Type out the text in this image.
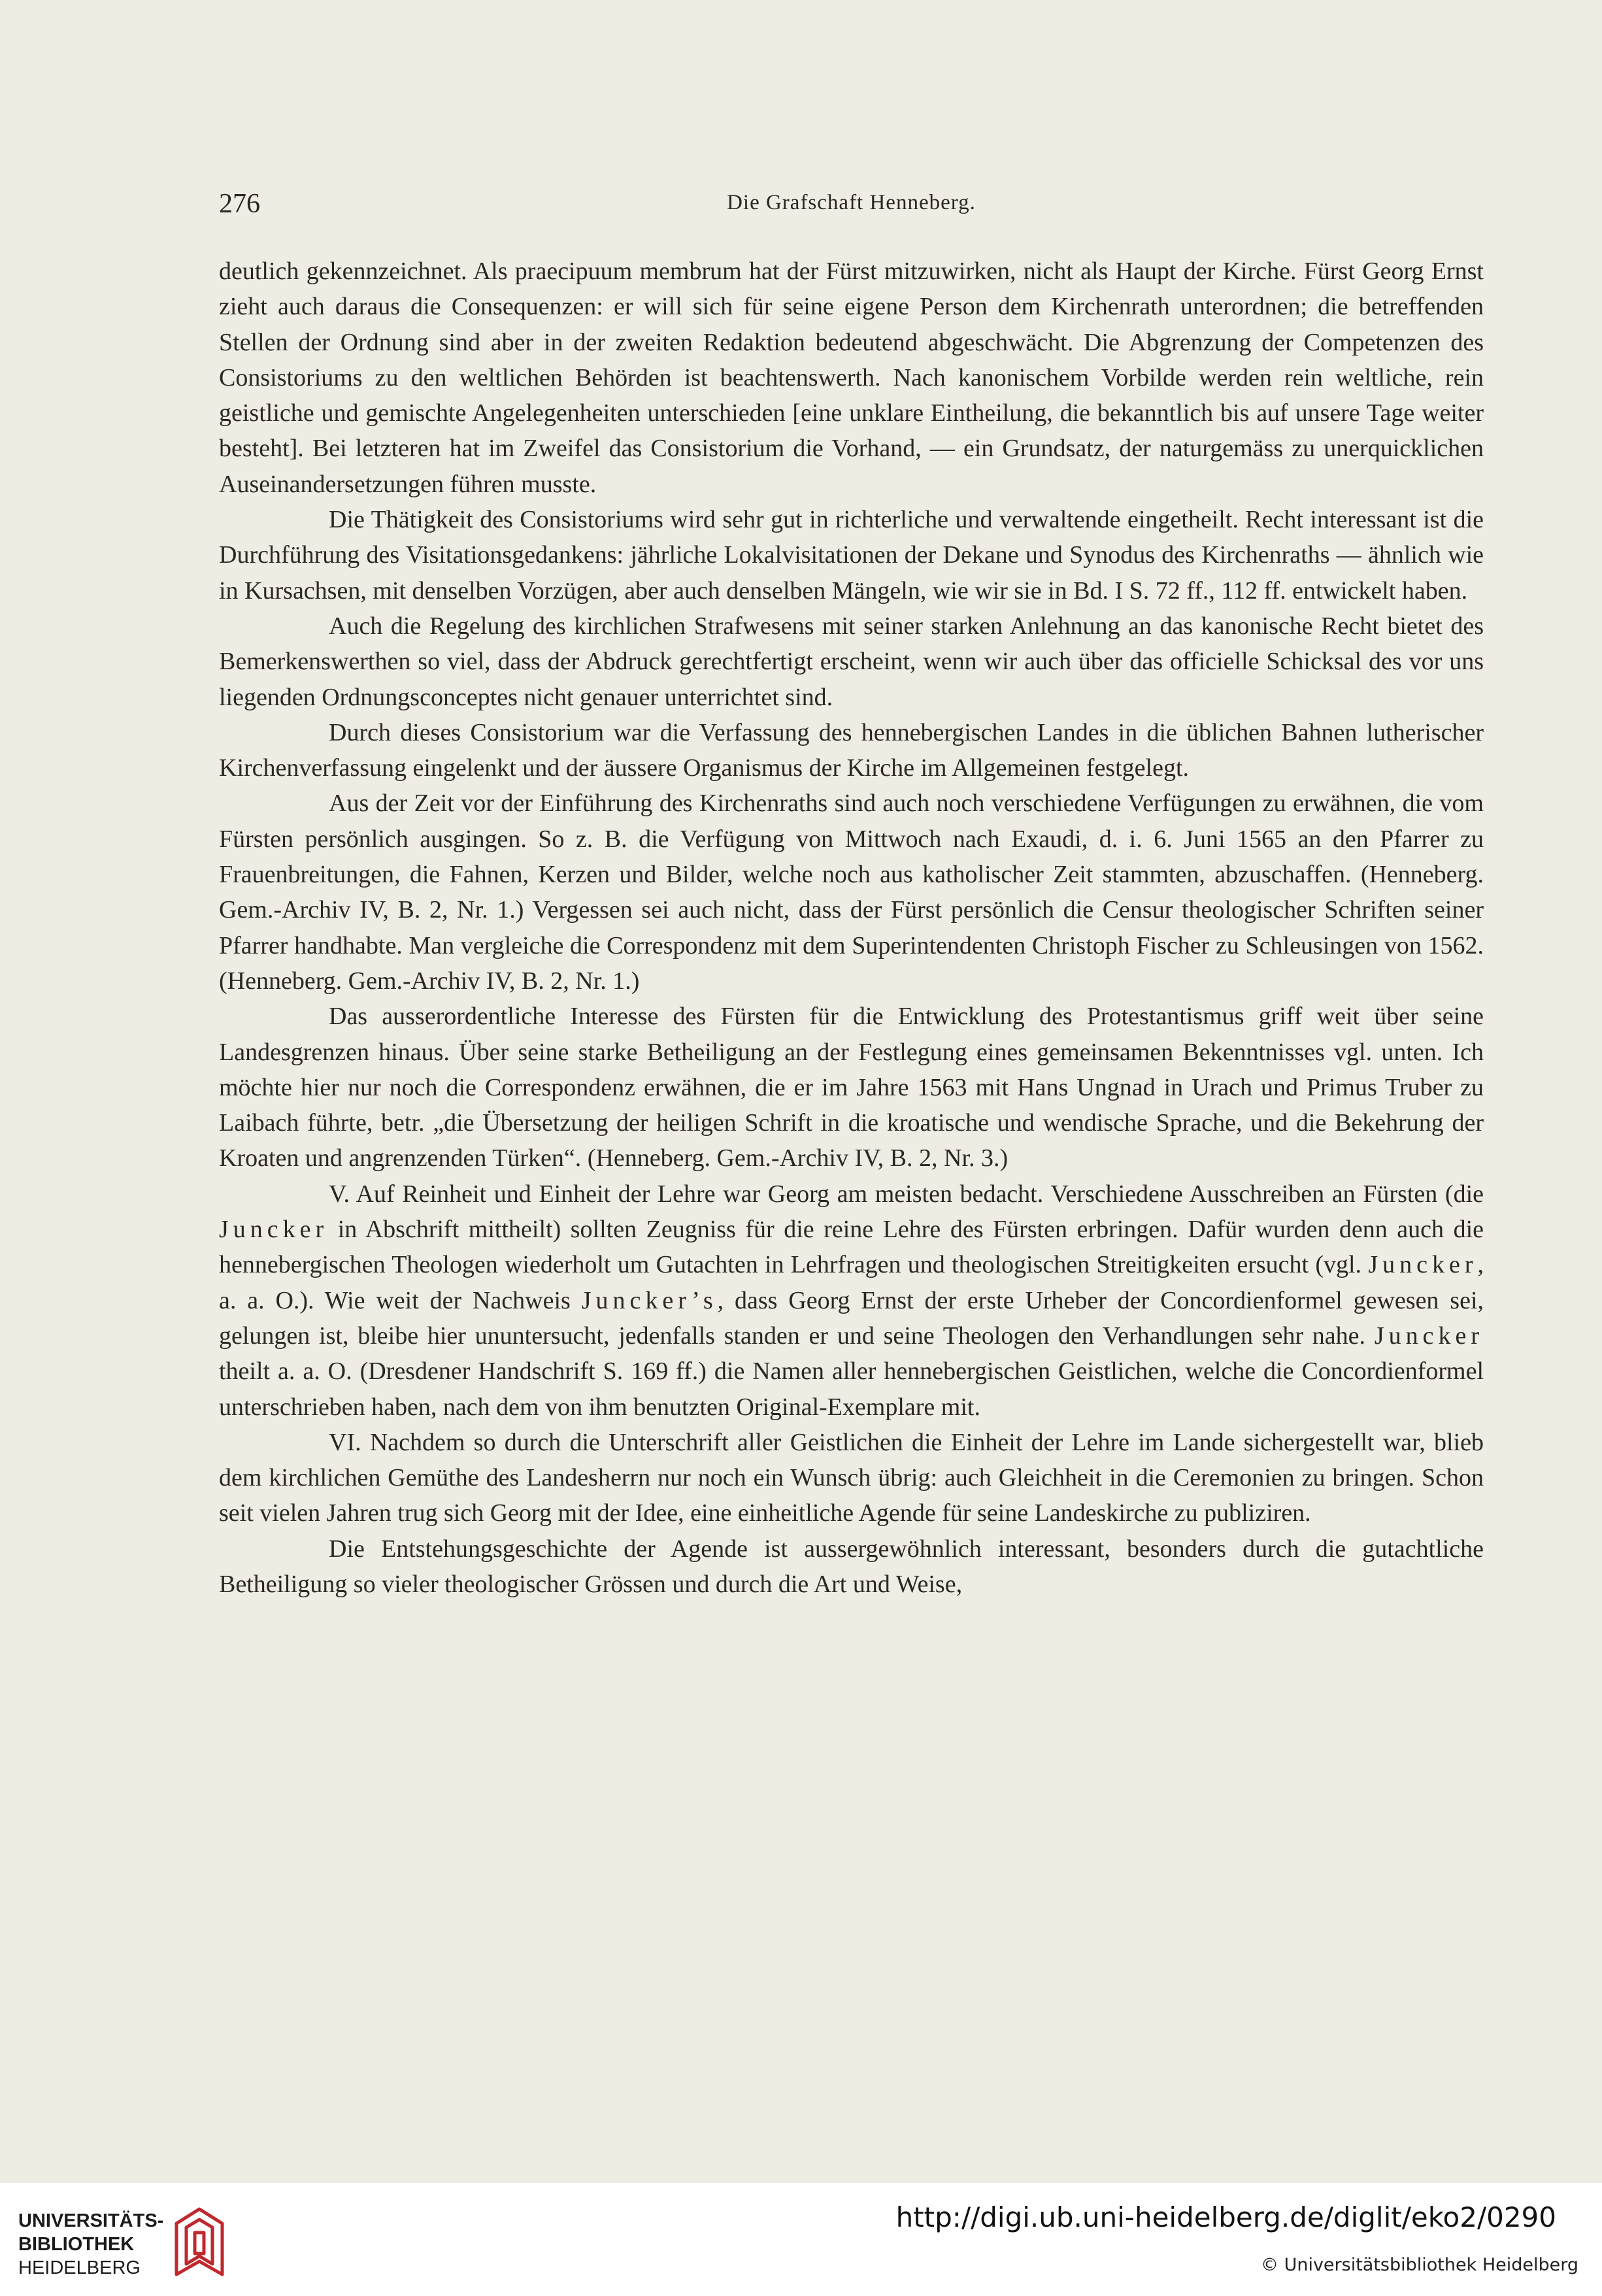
276	Die Grafschaft Henneberg.

deutlich gekennzeichnet. Als praecipuum membrum hat der Fürst mitzuwirken, nicht als Haupt der Kirche. Fürst Georg Ernst zieht auch daraus die Consequenzen: er will sich für seine eigene Person dem Kirchenrath unterordnen; die betreffenden Stellen der Ordnung sind aber in der zweiten Redaktion bedeutend abgeschwächt. Die Abgrenzung der Competenzen des Consistoriums zu den weltlichen Behörden ist beachtenswerth. Nach kanonischem Vorbilde werden rein weltliche, rein geistliche und gemischte Angelegenheiten unterschieden [eine unklare Eintheilung, die bekanntlich bis auf unsere Tage weiter besteht]. Bei letzteren hat im Zweifel das Consistorium die Vorhand, — ein Grundsatz, der naturgemäss zu unerquicklichen Auseinandersetzungen führen musste.

Die Thätigkeit des Consistoriums wird sehr gut in richterliche und verwaltende eingetheilt. Recht interessant ist die Durchführung des Visitationsgedankens: jährliche Lokalvisitationen der Dekane und Synodus des Kirchenraths — ähnlich wie in Kursachsen, mit denselben Vorzügen, aber auch denselben Mängeln, wie wir sie in Bd. I S. 72 ff., 112 ff. entwickelt haben.

Auch die Regelung des kirchlichen Strafwesens mit seiner starken Anlehnung an das kanonische Recht bietet des Bemerkenswerthen so viel, dass der Abdruck gerechtfertigt erscheint, wenn wir auch über das officielle Schicksal des vor uns liegenden Ordnungsconceptes nicht genauer unterrichtet sind.

Durch dieses Consistorium war die Verfassung des hennebergischen Landes in die üblichen Bahnen lutherischer Kirchenverfassung eingelenkt und der äussere Organismus der Kirche im Allgemeinen festgelegt.

Aus der Zeit vor der Einführung des Kirchenraths sind auch noch verschiedene Verfügungen zu erwähnen, die vom Fürsten persönlich ausgingen. So z. B. die Verfügung von Mittwoch nach Exaudi, d. i. 6. Juni 1565 an den Pfarrer zu Frauenbreitungen, die Fahnen, Kerzen und Bilder, welche noch aus katholischer Zeit stammten, abzuschaffen. (Henneberg. Gem.-Archiv IV, B. 2, Nr. 1.) Vergessen sei auch nicht, dass der Fürst persönlich die Censur theologischer Schriften seiner Pfarrer handhabte. Man vergleiche die Correspondenz mit dem Superintendenten Christoph Fischer zu Schleusingen von 1562. (Henneberg. Gem.-Archiv IV, B. 2, Nr. 1.)

Das ausserordentliche Interesse des Fürsten für die Entwicklung des Protestantismus griff weit über seine Landesgrenzen hinaus. Über seine starke Betheiligung an der Festlegung eines gemeinsamen Bekenntnisses vgl. unten. Ich möchte hier nur noch die Correspondenz erwähnen, die er im Jahre 1563 mit Hans Ungnad in Urach und Primus Truber zu Laibach führte, betr. „die Übersetzung der heiligen Schrift in die kroatische und wendische Sprache, und die Bekehrung der Kroaten und angrenzenden Türken“. (Henneberg. Gem.-Archiv IV, B. 2, Nr. 3.)

V. Auf Reinheit und Einheit der Lehre war Georg am meisten bedacht. Verschiedene Ausschreiben an Fürsten (die Juncker in Abschrift mittheilt) sollten Zeugniss für die reine Lehre des Fürsten erbringen. Dafür wurden denn auch die hennebergischen Theologen wiederholt um Gutachten in Lehrfragen und theologischen Streitigkeiten ersucht (vgl. Juncker, a. a. O.). Wie weit der Nachweis Juncker’s, dass Georg Ernst der erste Urheber der Concordienformel gewesen sei, gelungen ist, bleibe hier ununtersucht, jedenfalls standen er und seine Theologen den Verhandlungen sehr nahe. Juncker theilt a. a. O. (Dresdener Handschrift S. 169 ff.) die Namen aller hennebergischen Geistlichen, welche die Concordienformel unterschrieben haben, nach dem von ihm benutzten Original-Exemplare mit.

VI. Nachdem so durch die Unterschrift aller Geistlichen die Einheit der Lehre im Lande sichergestellt war, blieb dem kirchlichen Gemüthe des Landesherrn nur noch ein Wunsch übrig: auch Gleichheit in die Ceremonien zu bringen. Schon seit vielen Jahren trug sich Georg mit der Idee, eine einheitliche Agende für seine Landeskirche zu publiziren.

Die Entstehungsgeschichte der Agende ist aussergewöhnlich interessant, besonders durch die gutachtliche Betheiligung so vieler theologischer Grössen und durch die Art und Weise,

UNIVERSITÄTS-
BIBLIOTHEK
HEIDELBERG
http://digi.ub.uni-heidelberg.de/diglit/eko2/0290
© Universitätsbibliothek Heidelberg
